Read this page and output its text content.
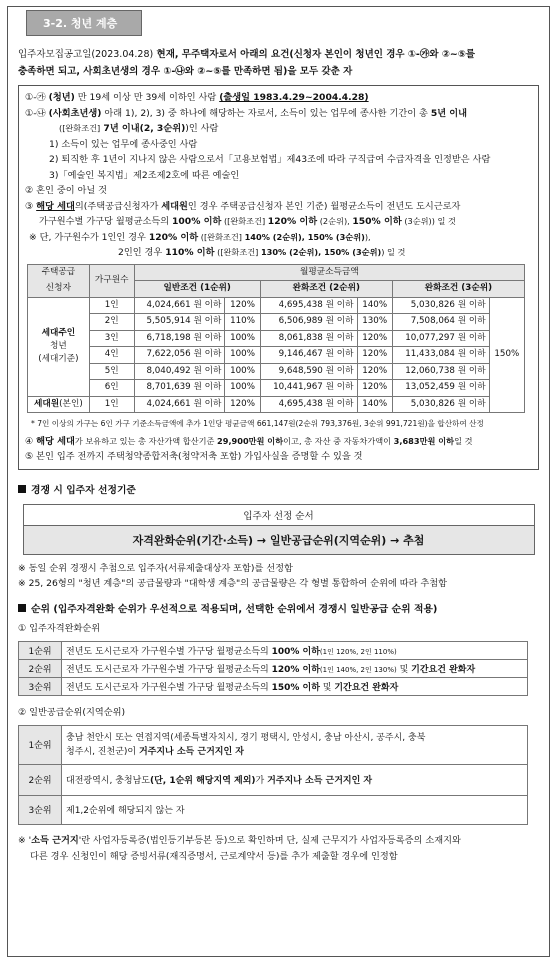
3-2. 청년 계층
입주자모집공고일(2023.04.28) 현재, 무주택자로서 아래의 요건(신청자 본인이 청년인 경우 ①-㉮와 ②~⑤를
충족하면 되고, 사회초년생의 경우 ①-㉯와 ②~⑤를 만족하면 됨)을 모두 갖춘 자
①-㉮ (청년) 만 19세 이상 만 39세 이하인 사람 (출생일 1983.4.29~2004.4.28)
①-㉯ (사회초년생) 아래 1), 2), 3) 중 하나에 해당하는 자로서, 소득이 있는 업무에 종사한 기간이 총 5년 이내
([완화조건] 7년 이내(2, 3순위))인 사람
1) 소득이 있는 업무에 종사중인 사람
2) 퇴직한 후 1년이 지나지 않은 사람으로서「고용보험법」제43조에 따라 구직급여 수급자격을 인정받은 사람
3)「예술인 복지법」제2조제2호에 따른 예술인
② 혼인 중이 아닐 것
③ 해당 세대의(주택공급신청자가 세대원인 경우 주택공급신청자 본인 기준) 월평균소득이 전년도 도시근로자
가구원수별 가구당 월평균소득의 100% 이하 ([완화조건] 120% 이하 (2순위), 150% 이하 (3순위)) 일 것
※ 단, 가구원수가 1인인 경우 120% 이하 ([완화조건] 140% (2순위), 150% (3순위)),
2인인 경우 110% 이하 ([완화조건] 130% (2순위), 150% (3순위)) 일 것
주택공급
신청자	가구원수	월평균소득금액					
		일반조건 (1순위)		완화조건 (2순위)		완화조건 (3순위)	
세대주인
청년
(세대기준)	1인	4,024,661 원 이하	120%	4,695,438 원 이하	140%	5,030,826 원 이하	150%
	2인	5,505,914 원 이하	110%	6,506,989 원 이하	130%	7,508,064 원 이하	
	3인	6,718,198 원 이하	100%	8,061,838 원 이하	120%	10,077,297 원 이하	
	4인	7,622,056 원 이하	100%	9,146,467 원 이하	120%	11,433,084 원 이하	
	5인	8,040,492 원 이하	100%	9,648,590 원 이하	120%	12,060,738 원 이하	
	6인	8,701,639 원 이하	100%	10,441,967 원 이하	120%	13,052,459 원 이하	
세대원(본인)	1인	4,024,661 원 이하	120%	4,695,438 원 이하	140%	5,030,826 원 이하	
* 7인 이상의 가구는 6인 가구 기준소득금액에 추가 1인당 평균금액 661,147원(2순위 793,376원, 3순위 991,721원)을 합산하여 산정
④ 해당 세대가 보유하고 있는 총 자산가액 합산기준 29,900만원 이하이고, 총 자산 중 자동차가액이 3,683만원 이하일 것
⑤ 본인 입주 전까지 주택청약종합저축(청약저축 포함) 가입사실을 증명할 수 있을 것
경쟁 시 입주자 선정기준
입주자 선정 순서
자격완화순위(기간·소득) → 일반공급순위(지역순위) → 추첨
※ 동일 순위 경쟁시 추첨으로 입주자(서류제출대상자 포함)를 선정함
※ 25, 26형의 "청년 계층"의 공급물량과 "대학생 계층"의 공급물량은 각 형별 통합하여 순위에 따라 추첨함
순위 (입주자격완화 순위가 우선적으로 적용되며, 선택한 순위에서 경쟁시 일반공급 순위 적용)
① 입주자격완화순위
1순위	전년도 도시근로자 가구원수별 가구당 월평균소득의 100% 이하(1인 120%, 2인 110%)
2순위	전년도 도시근로자 가구원수별 가구당 월평균소득의 120% 이하(1인 140%, 2인 130%) 및 기간요건 완화자
3순위	전년도 도시근로자 가구원수별 가구당 월평균소득의 150% 이하 및 기간요건 완화자
② 일반공급순위(지역순위)
1순위	충남 천안시 또는 연접지역(세종특별자치시, 경기 평택시, 안성시, 충남 아산시, 공주시, 충북
청주시, 진천군)이 거주지나 소득 근거지인 자
2순위	대전광역시, 충청남도(단, 1순위 해당지역 제외)가 거주지나 소득 근거지인 자
3순위	제1,2순위에 해당되지 않는 자
※ '소득 근거지'란 사업자등록증(법인등기부등본 등)으로 확인하며 단, 실제 근무지가 사업자등록증의 소재지와
다른 경우 신청인이 해당 증빙서류(재직증명서, 근로계약서 등)를 추가 제출할 경우에 인정함
